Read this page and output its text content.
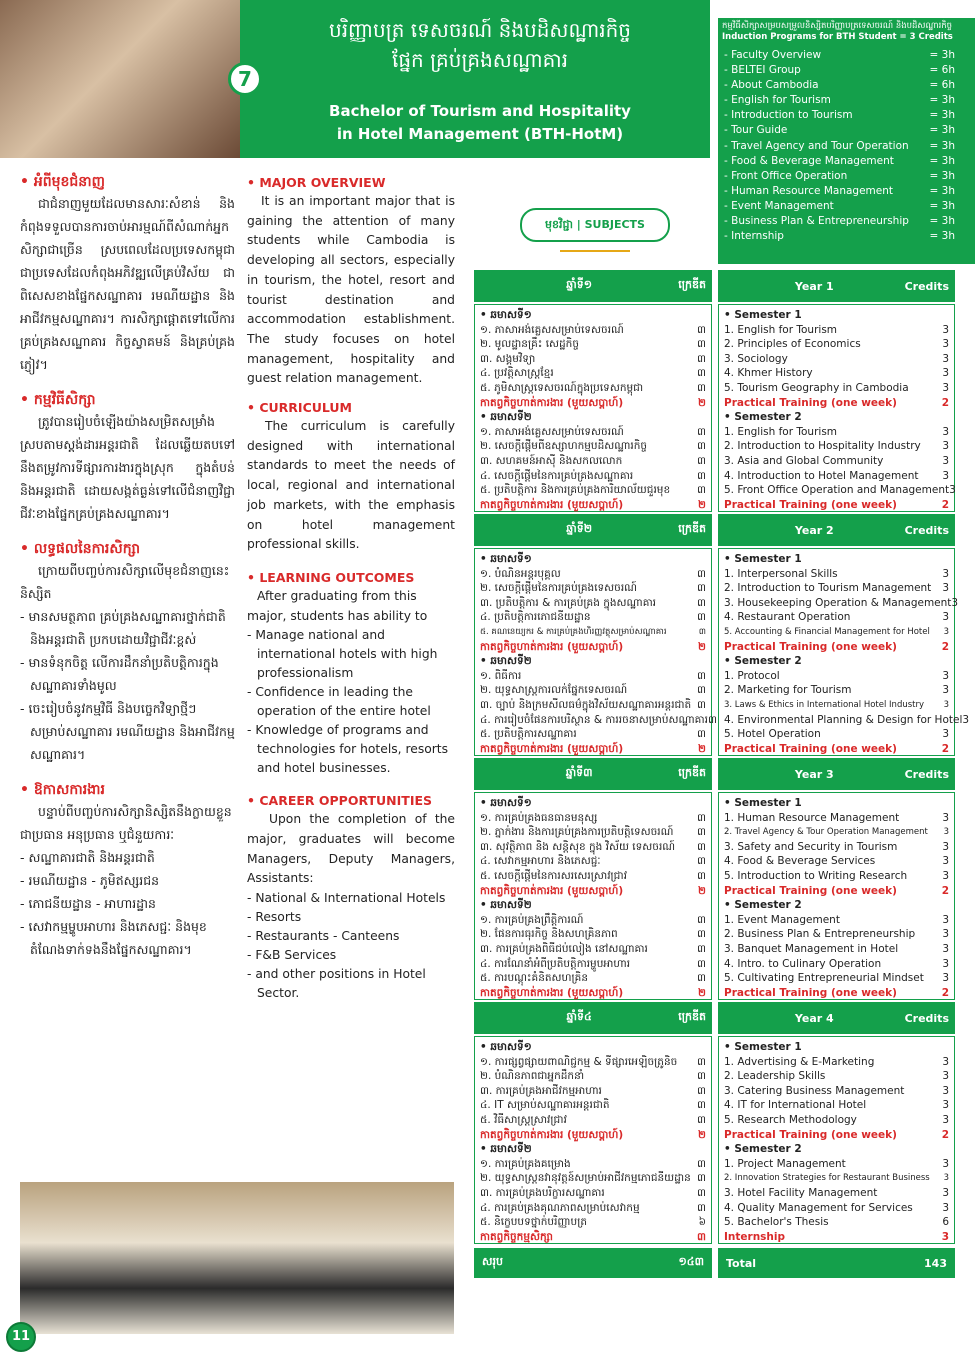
7
បរិញ្ញាបត្រ ទេសចរណ៍ និងបដិសណ្ឋារកិច្ច
ផ្នែក គ្រប់គ្រងសណ្ឋាគារ
Bachelor of Tourism and Hospitality
in Hotel Management (BTH-HotM)
កម្មវិធីសិក្សាសម្របសម្រួលនិស្សិតបរិញ្ញាបត្រទេសចរណ៍ និងបដិសណ្ឋារកិច្ច
Induction Programs for BTH Student = 3 Credits
- Faculty Overview	= 3h
- BELTEI Group	= 6h
- About Cambodia	= 6h
- English for Tourism	= 3h
- Introduction to Tourism	= 3h
- Tour Guide	= 3h
- Travel Agency and Tour Operation = 3h
- Food & Beverage Management	= 3h
- Front Office Operation	= 3h
- Human Resource Management	= 3h
- Event Management	= 3h
- Business Plan & Entrepreneurship = 3h
- Internship	= 3h
• អំពីមុខជំនាញ

ជាជំនាញមួយដែលមានសារៈសំខាន់ និងកំពុងទទួលបានការចាប់អារម្មណ៍ពីសំណាក់អ្នកសិក្សាជាច្រើន ស្របពេលដែលប្រទេសកម្ពុជា ជាប្រទេសដែលកំពុងអភិវឌ្ឍលើគ្រប់វិស័យ ជាពិសេសខាងផ្នែកសណ្ឋាគារ រមណីយដ្ឋាន និងអាជីវកម្មសណ្ឋាគារ។ ការសិក្សាផ្តោតទៅលើការគ្រប់គ្រងសណ្ឋាគារ កិច្ចស្វាគមន៍ និងគ្រប់គ្រងភ្ញៀវ។

• កម្មវិធីសិក្សា

ត្រូវបានរៀបចំឡើងយ៉ាងសម្រិតសម្រាំង ស្របតាមស្តង់ដារអន្តរជាតិ ដែលឆ្លើយតបទៅនឹងតម្រូវការទីផ្សារការងារក្នុងស្រុក ក្នុងតំបន់ និងអន្តរជាតិ ដោយសង្កត់ធ្ងន់ទៅលើជំនាញវិជ្ជាជីវៈខាងផ្នែកគ្រប់គ្រងសណ្ឋាគារ។

• លទ្ធផលនៃការសិក្សា

ក្រោយពីបញ្ចប់ការសិក្សាលើមុខជំនាញនេះនិស្សិត

- មានសមត្ថភាព គ្រប់គ្រងសណ្ឋាគារថ្នាក់ជាតិ និងអន្តរជាតិ ប្រកបដោយវិជ្ជាជីវៈខ្ពស់
- មានទំនុកចិត្ត លើការដឹកនាំប្រតិបត្តិការក្នុងសណ្ឋាគារទាំងមូល
- ចេះរៀបចំនូវកម្មវិធី និងបច្ចេកវិទ្យាថ្មីៗ សម្រាប់សណ្ឋាគារ រមណីយដ្ឋាន និងអាជីវកម្មសណ្ឋាគារ។
• ឱកាសការងារ

បន្ទាប់ពីបញ្ចប់ការសិក្សានិស្សិតនឹងក្លាយខ្លួនជាប្រធាន អនុប្រធាន ឬជំនួយការៈ

- សណ្ឋាគារជាតិ និងអន្តរជាតិ
- រមណីយដ្ឋាន - ភូមិឥស្សរជន
- ភោជនីយដ្ឋាន - អាហារដ្ឋាន
- សេវាកម្មម្ហូបអាហារ និងភេសជ្ជៈ និងមុខតំណែងទាក់ទងនឹងផ្នែកសណ្ឋាគារ។
• MAJOR OVERVIEW

It is an important major that is gaining the attention of many students while Cambodia is developing all sectors, especially in tourism, the hotel, resort and tourist destination and accommodation establishment. The study focuses on hotel management, hospitality and guest relation management.

• CURRICULUM

The curriculum is carefully designed with international standards to meet the needs of local, regional and international job markets, with the emphasis on hotel management professional skills.

• LEARNING OUTCOMES

After graduating from this major, students has ability to

- Manage national and international hotels with high professionalism
- Confidence in leading the operation of the entire hotel
- Knowledge of programs and technologies for hotels, resorts and hotel businesses.
• CAREER OPPORTUNITIES

Upon the completion of the major, graduates will become Managers, Deputy Managers, Assistants:

- National & International Hotels
- Resorts
- Restaurants - Canteens
- F&B Services
- and other positions in Hotel Sector.
មុខវិជ្ជា | SUBJECTS
ឆ្នាំទី១	ក្រេឌីត
• ឆមាសទី១
១. ភាសាអង់គ្លេសសម្រាប់ទេសចរណ៍	៣
២. មូលដ្ឋានគ្រឹះ សេដ្ឋកិច្ច	៣
៣. សង្គមវិទ្យា	៣
៤. ប្រវត្តិសាស្ត្រខ្មែរ	៣
៥. ភូមិសាស្ត្រទេសចរណ៍ក្នុងប្រទេសកម្ពុជា	៣
កាតព្វកិច្ចហាត់ការងារ (មួយសប្តាហ៍)	២
• ឆមាសទី២
១. ភាសាអង់គ្លេសសម្រាប់ទេសចរណ៍	៣
២. សេចក្តីផ្តើមពីឧស្សាហកម្មបដិសណ្ឋារកិច្ច	៣
៣. សហគមន៍អាស៊ី និងសកលលោក	៣
៤. សេចក្តីផ្តើមនៃការគ្រប់គ្រងសណ្ឋាគារ	៣
៥. ប្រតិបត្តិការ និងការគ្រប់គ្រងការិយាល័យជួរមុខ	៣
កាតព្វកិច្ចហាត់ការងារ (មួយសប្តាហ៍)	២
ឆ្នាំទី២	ក្រេឌីត
• ឆមាសទី១
១. បំណិនអន្តរបុគ្គល	៣
២. សេចក្តីផ្តើមនៃការគ្រប់គ្រងទេសចរណ៍	៣
៣. ប្រតិបត្តិការ & ការគ្រប់គ្រង ក្នុងសណ្ឋាគារ	៣
៤. ប្រតិបត្តិការភោជនីយដ្ឋាន	៣
៥. គណនេយ្យករ & ការគ្រប់គ្រងហិរញ្ញវត្ថុសម្រាប់សណ្ឋាគារ	៣
កាតព្វកិច្ចហាត់ការងារ (មួយសប្តាហ៍)	២
• ឆមាសទី២
១. ពិធីការ	៣
២. យុទ្ធសាស្ត្រការលក់ផ្នែកទេសចរណ៍	៣
៣. ច្បាប់ និងក្រមសីលធម៌ក្នុងវិស័យសណ្ឋាគារអន្តរជាតិ ៣
៤. ការរៀបចំផែនការបរិស្ថាន & ការរចនាសម្រាប់សណ្ឋាគារ ៣
៥. ប្រតិបត្តិការសណ្ឋាគារ	៣
កាតព្វកិច្ចហាត់ការងារ (មួយសប្តាហ៍)	២
ឆ្នាំទី៣	ក្រេឌីត
• ឆមាសទី១
១. ការគ្រប់គ្រងធនធានមនុស្ស	៣
២. ភ្នាក់ងារ និងការគ្រប់គ្រងការប្រតិបត្តិទេសចរណ៍ ៣
៣. សុវត្ថិភាព និង សន្តិសុខ ក្នុង វិស័យ ទេសចរណ៍ ៣
៤. សេវាកម្មអាហារ និងភេសជ្ជៈ	៣
៥. សេចក្តីផ្តើមនៃការសរសេរស្រាវជ្រាវ	៣
កាតព្វកិច្ចហាត់ការងារ (មួយសប្តាហ៍)	២
• ឆមាសទី២
១. ការគ្រប់គ្រងព្រឹត្តិការណ៍	៣
២. ផែនការធុរកិច្ច និងសហគ្រិនភាព	៣
៣. ការគ្រប់គ្រងពិធីជប់លៀង នៅសណ្ឋាគារ	៣
៤. ការណែនាំអំពីប្រតិបត្តិការម្ហូបអាហារ	៣
៥. ការបណ្តុះគំនិតសហគ្រិន	៣
កាតព្វកិច្ចហាត់ការងារ (មួយសប្តាហ៍)	២
ឆ្នាំទី៤	ក្រេឌីត
• ឆមាសទី១
១. ការផ្សព្វផ្សាយពាណិជ្ជកម្ម & ទីផ្សារអេឡិចត្រូនិច ៣
២. បំណិនភាពជាអ្នកដឹកនាំ	៣
៣. ការគ្រប់គ្រងអាជីវកម្មអាហារ	៣
៤. IT សម្រាប់សណ្ឋាគារអន្តរជាតិ	៣
៥. វិធីសាស្ត្រស្រាវជ្រាវ	៣
កាតព្វកិច្ចហាត់ការងារ (មួយសប្តាហ៍)	២
• ឆមាសទី២
១. ការគ្រប់គ្រងគម្រោង	៣
២. យុទ្ធសាស្ត្រនវានុវត្តន៍សម្រាប់អាជីវកម្មភោជនីយដ្ឋាន ៣
៣. ការគ្រប់គ្រងបរិក្ខារសណ្ឋាគារ	៣
៤. ការគ្រប់គ្រងគុណភាពសម្រាប់សេវាកម្ម	៣
៥. និក្ខេបបទថ្នាក់បរិញ្ញាបត្រ	៦
កាតព្វកិច្ចកម្មសិក្សា	៣
Year 1	Credits
• Semester 1
1. English for Tourism	3
2. Principles of Economics	3
3. Sociology	3
4. Khmer History	3
5. Tourism Geography in Cambodia	3
Practical Training (one week)	2
• Semester 2
1. English for Tourism	3
2. Introduction to Hospitality Industry 3
3. Asia and Global Community	3
4. Introduction to Hotel Management 3
5. Front Office Operation and Management 3
Practical Training (one week)	2
Year 2	Credits
• Semester 1
1. Interpersonal Skills	3
2. Introduction to Tourism Management 3
3. Housekeeping Operation & Management 3
4. Restaurant Operation	3
5. Accounting & Financial Management for Hotel 3
Practical Training (one week)	2
• Semester 2
1. Protocol	3
2. Marketing for Tourism	3
3. Laws & Ethics in International Hotel Industry 3
4. Environmental Planning & Design for Hotel 3
5. Hotel Operation	3
Practical Training (one week)	2
Year 3	Credits
• Semester 1
1. Human Resource Management	3
2. Travel Agency & Tour Operation Management 3
3. Safety and Security in Tourism	3
4. Food & Beverage Services	3
5. Introduction to Writing Research	3
Practical Training (one week)	2
• Semester 2
1. Event Management	3
2. Business Plan & Entrepreneurship	3
3. Banquet Management in Hotel	3
4. Intro. to Culinary Operation	3
5. Cultivating Entrepreneurial Mindset 3
Practical Training (one week)	2
Year 4	Credits
• Semester 1
1. Advertising & E-Marketing	3
2. Leadership Skills	3
3. Catering Business Management	3
4. IT for International Hotel	3
5. Research Methodology	3
Practical Training (one week)	2
• Semester 2
1. Project Management	3
2. Innovation Strategies for Restaurant Business 3
3. Hotel Facility Management	3
4. Quality Management for Services	3
5. Bachelor's Thesis	6
Internship	3
សរុប	១៤៣ Total	143
11
